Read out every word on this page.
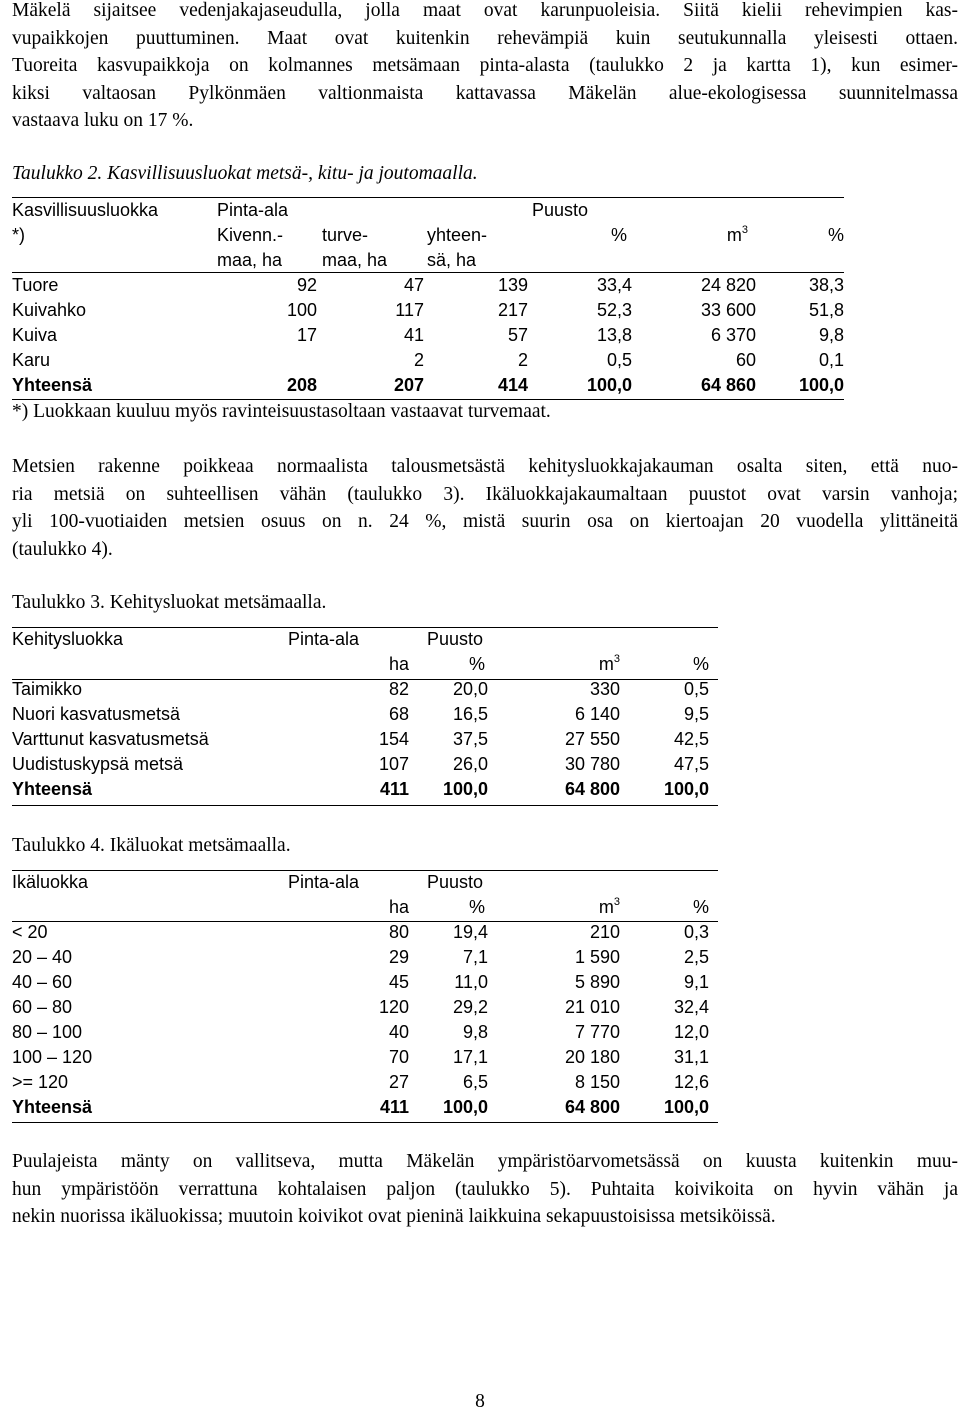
Mäkelä sijaitsee vedenjakajaseudulla, jolla maat ovat karunpuoleisia. Siitä kielii rehevimpien kas-
vupaikkojen puuttuminen. Maat ovat kuitenkin rehevämpiä kuin seutukunnalla yleisesti ottaen.
Tuoreita kasvupaikkoja on kolmannes metsämaan pinta-alasta (taulukko 2 ja kartta 1), kun esimer-
kiksi valtaosan Pylkönmäen valtionmaista kattavassa Mäkelän alue-ekologisessa suunnitelmassa
vastaava luku on 17 %.
Taulukko 2. Kasvillisuusluokat metsä-, kitu- ja joutomaalla.
Kasvillisuusluokka	Pinta-ala			Puusto		
*)	Kivenn.-	turve-	yhteen-	%	$m^3$	%
	maa, ha	maa, ha	sä, ha			
Tuore	92	47	139	33,4	24 820	38,3
Kuivahko	100	117	217	52,3	33 600	51,8
Kuiva	17	41	57	13,8	6 370	9,8
Karu		2	2	0,5	60	0,1
Yhteensä	208	207	414	100,0	64 860	100,0
*) Luokkaan kuuluu myös ravinteisuustasoltaan vastaavat turvemaat.
Metsien rakenne poikkeaa normaalista talousmetsästä kehitysluokkajakauman osalta siten, että nuo-
ria metsiä on suhteellisen vähän (taulukko 3). Ikäluokkajakaumaltaan puustot ovat varsin vanhoja;
yli 100-vuotiaiden metsien osuus on n. 24 %, mistä suurin osa on kiertoajan 20 vuodella ylittäneitä
(taulukko 4).
Taulukko 3. Kehitysluokat metsämaalla.
Kehitysluokka	Pinta-ala	Puusto		
	ha	%	$m^3$	%
Taimikko	82	20,0	330	0,5
Nuori kasvatusmetsä	68	16,5	6 140	9,5
Varttunut kasvatusmetsä	154	37,5	27 550	42,5
Uudistuskypsä metsä	107	26,0	30 780	47,5
Yhteensä	411	100,0	64 800	100,0
Taulukko 4. Ikäluokat metsämaalla.
Ikäluokka	Pinta-ala	Puusto		
	ha	%	$m^3$	%
< 20	80	19,4	210	0,3
20 – 40	29	7,1	1 590	2,5
40 – 60	45	11,0	5 890	9,1
60 – 80	120	29,2	21 010	32,4
80 – 100	40	9,8	7 770	12,0
100 – 120	70	17,1	20 180	31,1
>= 120	27	6,5	8 150	12,6
Yhteensä	411	100,0	64 800	100,0
Puulajeista mänty on vallitseva, mutta Mäkelän ympäristöarvometsässä on kuusta kuitenkin muu-
hun ympäristöön verrattuna kohtalaisen paljon (taulukko 5). Puhtaita koivikoita on hyvin vähän ja
nekin nuorissa ikäluokissa; muutoin koivikot ovat pieninä laikkuina sekapuustoisissa metsiköissä.
8
